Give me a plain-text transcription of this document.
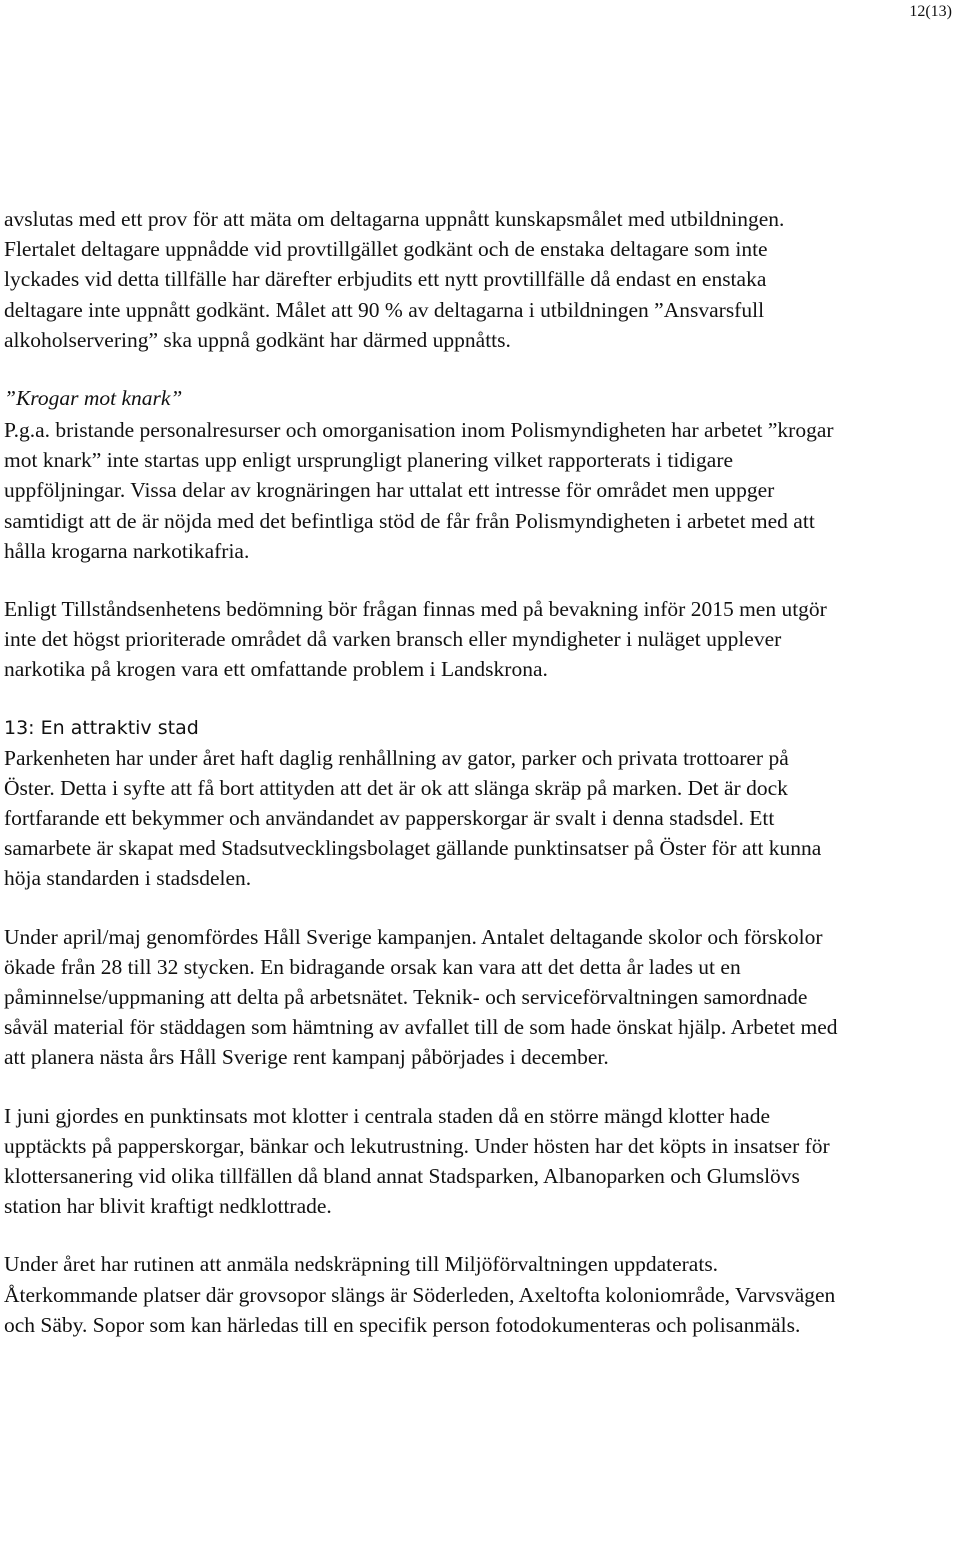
12(13)

avslutas med ett prov för att mäta om deltagarna uppnått kunskapsmålet med utbildningen. Flertalet deltagare uppnådde vid provtillgället godkänt och de enstaka deltagare som inte lyckades vid detta tillfälle har därefter erbjudits ett nytt provtillfälle då endast en enstaka deltagare inte uppnått godkänt. Målet att 90 % av deltagarna i utbildningen ”Ansvarsfull alkoholservering” ska uppnå godkänt har därmed uppnåtts.

”Krogar mot knark”

P.g.a. bristande personalresurser och omorganisation inom Polismyndigheten har arbetet ”krogar mot knark” inte startas upp enligt ursprungligt planering vilket rapporterats i tidigare uppföljningar. Vissa delar av krognäringen har uttalat ett intresse för området men uppger samtidigt att de är nöjda med det befintliga stöd de får från Polismyndigheten i arbetet med att hålla krogarna narkotikafria.

Enligt Tillståndsenhetens bedömning bör frågan finnas med på bevakning inför 2015 men utgör inte det högst prioriterade området då varken bransch eller myndigheter i nuläget upplever narkotika på krogen vara ett omfattande problem i Landskrona.

13: En attraktiv stad

Parkenheten har under året haft daglig renhållning av gator, parker och privata trottoarer på Öster. Detta i syfte att få bort attityden att det är ok att slänga skräp på marken. Det är dock fortfarande ett bekymmer och användandet av papperskorgar är svalt i denna stadsdel. Ett samarbete är skapat med Stadsutvecklingsbolaget gällande punktinsatser på Öster för att kunna höja standarden i stadsdelen.

Under april/maj genomfördes Håll Sverige kampanjen. Antalet deltagande skolor och förskolor ökade från 28 till 32 stycken. En bidragande orsak kan vara att det detta år lades ut en påminnelse/uppmaning att delta på arbetsnätet. Teknik- och serviceförvaltningen samordnade såväl material för städdagen som hämtning av avfallet till de som hade önskat hjälp. Arbetet med att planera nästa års Håll Sverige rent kampanj påbörjades i december.

I juni gjordes en punktinsats mot klotter i centrala staden då en större mängd klotter hade upptäckts på papperskorgar, bänkar och lekutrustning. Under hösten har det köpts in insatser för klottersanering vid olika tillfällen då bland annat Stadsparken, Albanoparken och Glumslövs station har blivit kraftigt nedklottrade.

Under året har rutinen att anmäla nedskräpning till Miljöförvaltningen uppdaterats. Återkommande platser där grovsopor slängs är Söderleden, Axeltofta koloniområde, Varvsvägen och Säby. Sopor som kan härledas till en specifik person fotodokumenteras och polisanmäls.
